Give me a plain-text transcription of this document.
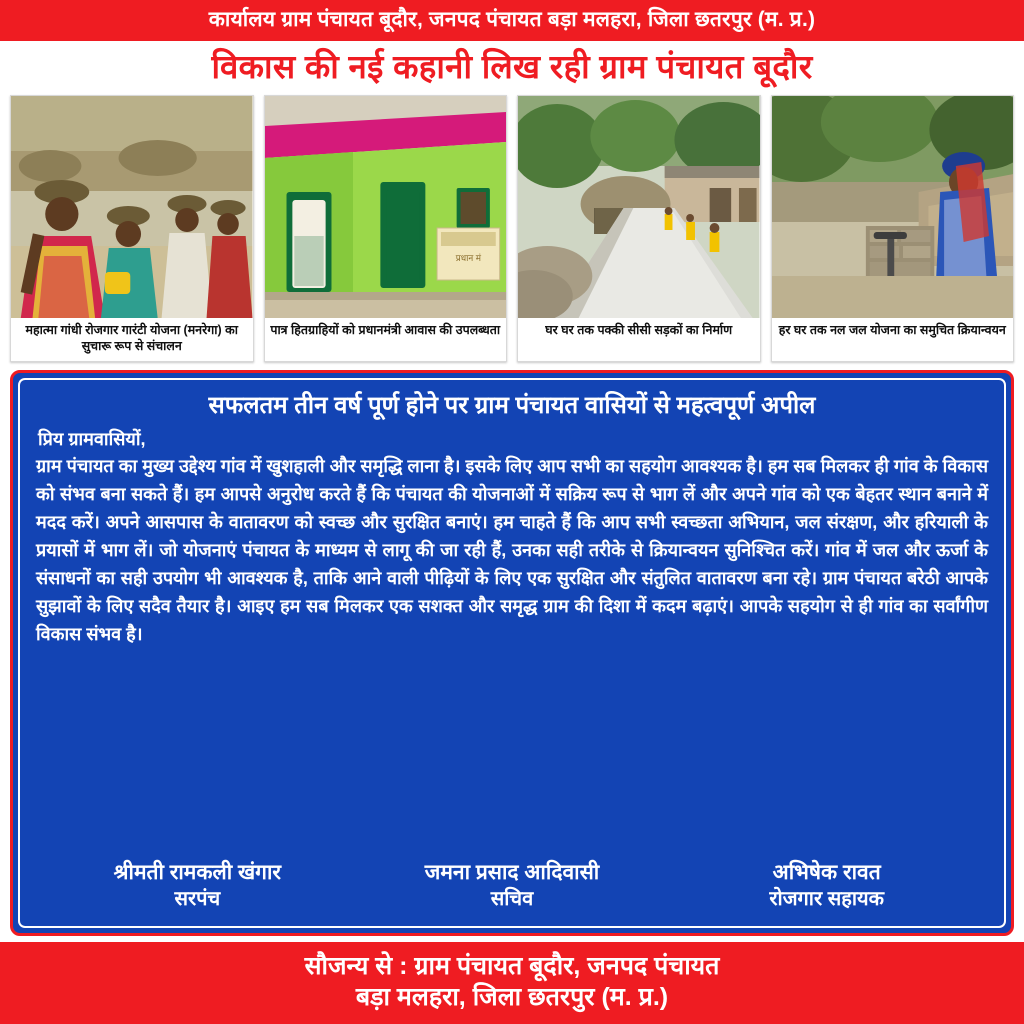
कार्यालय ग्राम पंचायत बूदौर, जनपद पंचायत बड़ा मलहरा, जिला छतरपुर (म. प्र.)
विकास की नई कहानी लिख रही ग्राम पंचायत बूदौर
महात्मा गांधी रोजगार गारंटी योजना (मनरेगा) का सुचारू रूप से संचालन
प्रधान मं
पात्र हितग्राहियों को प्रधानमंत्री आवास की उपलब्धता	घर घर तक पक्की सीसी सड़कों का निर्माण	हर घर तक नल जल योजना का समुचित क्रियान्वयन
सफलतम तीन वर्ष पूर्ण होने पर ग्राम पंचायत वासियों से महत्वपूर्ण अपील
प्रिय ग्रामवासियों,
ग्राम पंचायत का मुख्य उद्देश्य गांव में खुशहाली और समृद्धि लाना है। इसके लिए आप सभी का सहयोग आवश्यक है। हम सब मिलकर ही गांव के विकास को संभव बना सकते हैं। हम आपसे अनुरोध करते हैं कि पंचायत की योजनाओं में सक्रिय रूप से भाग लें और अपने गांव को एक बेहतर स्थान बनाने में मदद करें। अपने आसपास के वातावरण को स्वच्छ और सुरक्षित बनाएं। हम चाहते हैं कि आप सभी स्वच्छता अभियान, जल संरक्षण, और हरियाली के प्रयासों में भाग लें। जो योजनाएं पंचायत के माध्यम से लागू की जा रही हैं, उनका सही तरीके से क्रियान्वयन सुनिश्चित करें। गांव में जल और ऊर्जा के संसाधनों का सही उपयोग भी आवश्यक है, ताकि आने वाली पीढ़ियों के लिए एक सुरक्षित और संतुलित वातावरण बना रहे। ग्राम पंचायत बरेठी आपके सुझावों के लिए सदैव तैयार है। आइए हम सब मिलकर एक सशक्त और समृद्ध ग्राम की दिशा में कदम बढ़ाएं। आपके सहयोग से ही गांव का सर्वांगीण विकास संभव है।
श्रीमती रामकली खंगार
सरपंच
जमना प्रसाद आदिवासी
सचिव
अभिषेक रावत
रोजगार सहायक
सौजन्य से : ग्राम पंचायत बूदौर, जनपद पंचायत
बड़ा मलहरा, जिला छतरपुर (म. प्र.)
